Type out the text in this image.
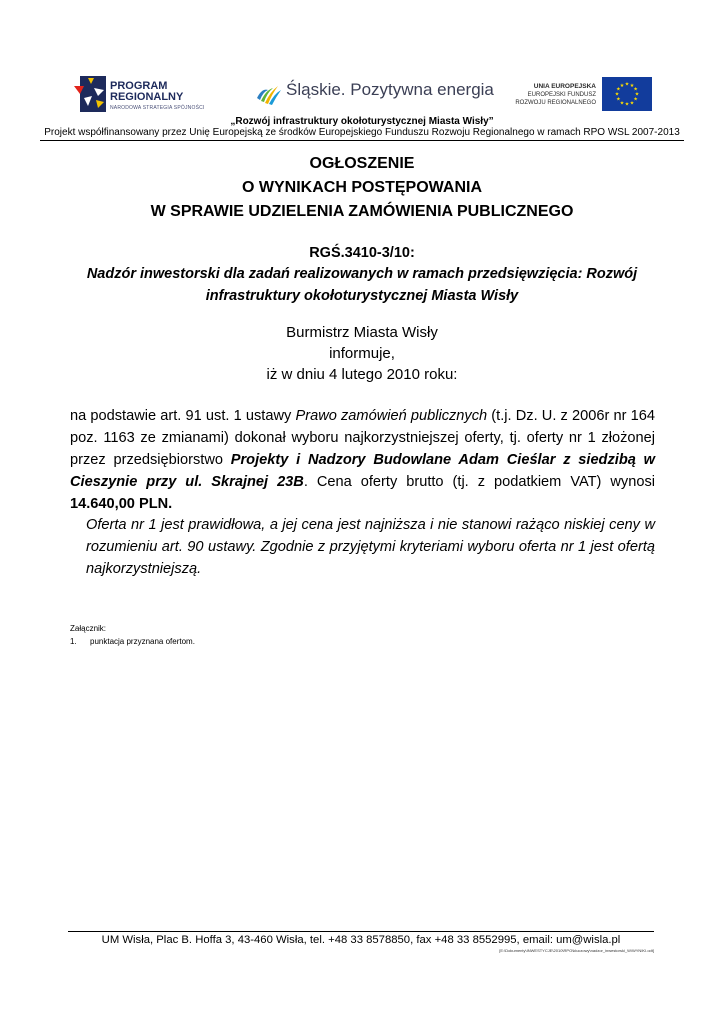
PROGRAM
REGIONALNY
NARODOWA STRATEGIA SPÓJNOŚCI
Śląskie. Pozytywna energia	UNIA EUROPEJSKA
EUROPEJSKI FUNDUSZ
ROZWOJU REGIONALNEGO
★ ★
★
★
★
★
★
★
★
★
★
★
„Rozwój infrastruktury okołoturystycznej Miasta Wisły”
Projekt współfinansowany przez Unię Europejską ze środków Europejskiego Funduszu Rozwoju Regionalnego w ramach RPO WSL 2007-2013
OGŁOSZENIE
O WYNIKACH POSTĘPOWANIA
W SPRAWIE UDZIELENIA ZAMÓWIENIA PUBLICZNEGO
RGŚ.3410-3/10:
Nadzór inwestorski dla zadań realizowanych w ramach przedsięwzięcia: Rozwój infrastruktury okołoturystycznej Miasta Wisły
Burmistrz Miasta Wisły
informuje,
iż w dniu 4 lutego 2010 roku:
na podstawie art. 91 ust. 1 ustawy Prawo zamówień publicznych (t.j. Dz. U. z 2006r nr 164 poz. 1163 ze zmianami) dokonał wyboru najkorzystniejszej oferty, tj. oferty nr 1 złożonej przez przedsiębiorstwo Projekty i Nadzory Budowlane Adam Cieślar z siedzibą w Cieszynie przy ul. Skrajnej 23B. Cena oferty brutto (tj. z podatkiem VAT) wynosi 14.640,00 PLN.
Oferta nr 1 jest prawidłowa, a jej cena jest najniższa i nie stanowi rażąco niskiej ceny w rozumieniu art. 90 ustawy. Zgodnie z przyjętymi kryteriami wyboru oferta nr 1 jest ofertą najkorzystniejszą.
Załącznik:
1. punktacja przyznana ofertom.
UM Wisła, Plac B. Hoffa 3, 43-460 Wisła, tel. +48 33 8578850, fax +48 33 8552995, email: um@wisla.pl
[E:\Dokumenty\INWESTYCJE\2010\RPO\kluczowy\nadzor_inwestorski_W\WYNIKI.odt]
